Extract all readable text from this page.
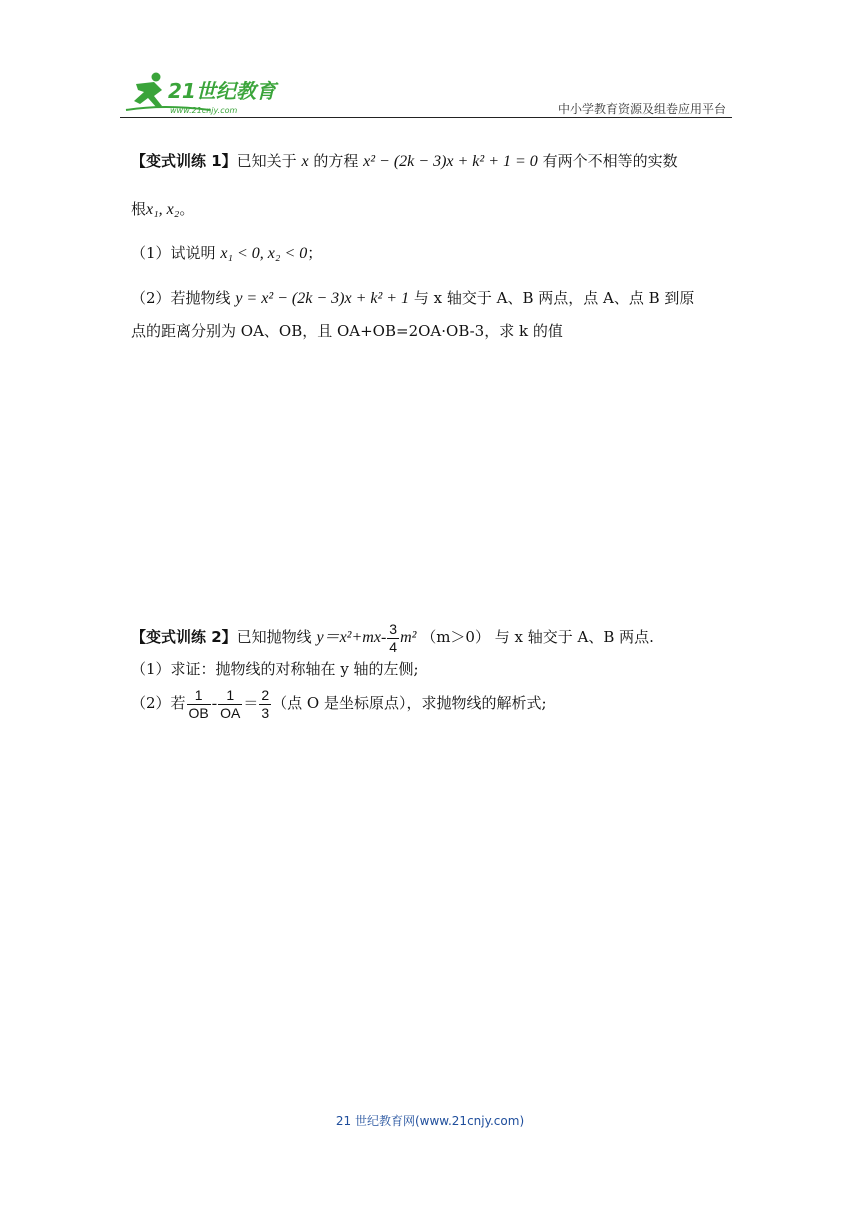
21世纪教育
www.21cnjy.com	中小学教育资源及组卷应用平台
【变式训练 1】已知关于 x 的方程 x² − (2k − 3)x + k² + 1 = 0 有两个不相等的实数
根x₁, x₂。
（1）试说明 x₁ < 0, x₂ < 0；
（2）若抛物线 y = x² − (2k − 3)x + k² + 1 与 x 轴交于 A、B 两点，点 A、点 B 到原
点的距离分别为 OA、OB，且 OA+OB=2OA·OB-3，求 k 的值
【变式训练 2】已知抛物线 $y=x^2+mx- \frac{3}{4} m^2$ （m＞0） 与 x 轴交于 A、B 两点.
（1）求证：抛物线的对称轴在 y 轴的左侧;
（2）若 $\frac{1}{OB} - \frac{1}{OA} = \frac{2}{3}$ （点 O 是坐标原点），求抛物线的解析式;
21 世纪教育网(www.21cnjy.com)
